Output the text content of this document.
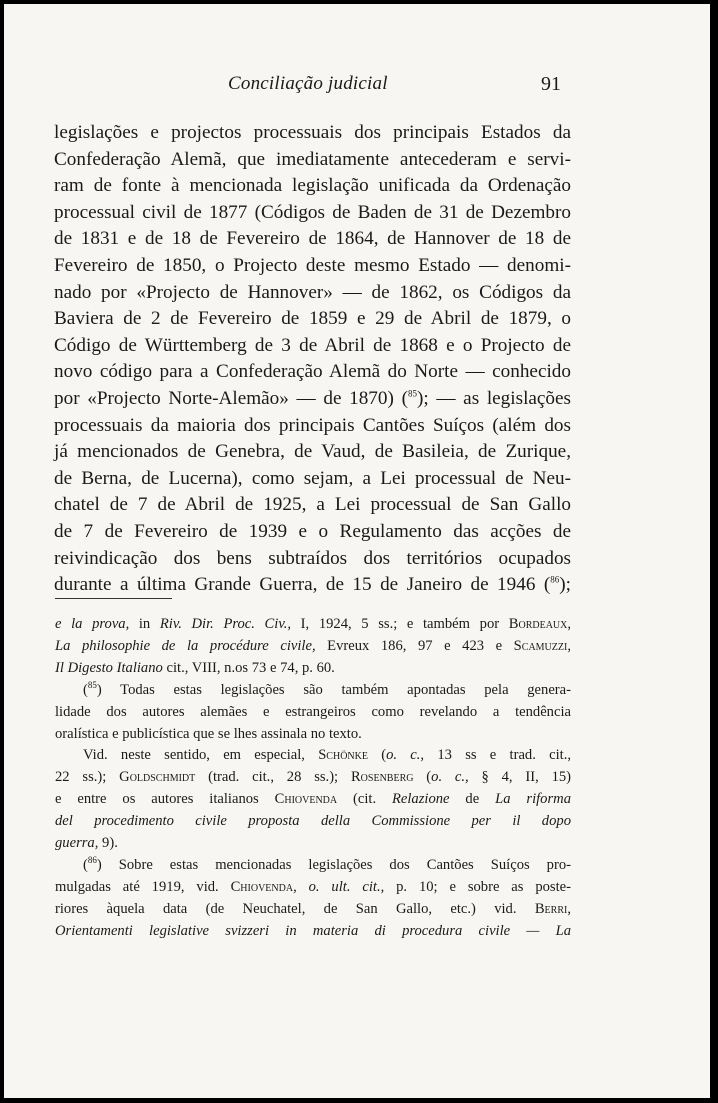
Conciliação judicial	91
legislações e projectos processuais dos principais Estados da
Confederação Alemã, que imediatamente antecederam e servi-
ram de fonte à mencionada legislação unificada da Ordenação
processual civil de 1877 (Códigos de Baden de 31 de Dezembro
de 1831 e de 18 de Fevereiro de 1864, de Hannover de 18 de
Fevereiro de 1850, o Projecto deste mesmo Estado — denomi-
nado por «Projecto de Hannover» — de 1862, os Códigos da
Baviera de 2 de Fevereiro de 1859 e 29 de Abril de 1879, o
Código de Württemberg de 3 de Abril de 1868 e o Projecto de
novo código para a Confederação Alemã do Norte — conhecido
por «Projecto Norte-Alemão» — de 1870) ($^{85}$); — as legislações
processuais da maioria dos principais Cantões Suíços (além dos
já mencionados de Genebra, de Vaud, de Basileia, de Zurique,
de Berna, de Lucerna), como sejam, a Lei processual de Neu-
chatel de 7 de Abril de 1925, a Lei processual de San Gallo
de 7 de Fevereiro de 1939 e o Regulamento das acções de
reivindicação dos bens subtraídos dos territórios ocupados
durante a última Grande Guerra, de 15 de Janeiro de 1946 ($^{86}$);
e la prova, in Riv. Dir. Proc. Civ., I, 1924, 5 ss.; e também por Bordeaux,
La philosophie de la procédure civile, Evreux 186, 97 e 423 e Scamuzzi,
Il Digesto Italiano cit., VIII, n.os 73 e 74, p. 60.
($^{85}$) Todas estas legislações são também apontadas pela genera-
lidade dos autores alemães e estrangeiros como revelando a tendência
oralística e publicística que se lhes assinala no texto.
Vid. neste sentido, em especial, Schönke (o. c., 13 ss e trad. cit.,
22 ss.); Goldschmidt (trad. cit., 28 ss.); Rosenberg (o. c., § 4, II, 15)
e entre os autores italianos Chiovenda (cit. Relazione de La riforma
del procedimento civile proposta della Commissione per il dopo
guerra, 9).
($^{86}$) Sobre estas mencionadas legislações dos Cantões Suíços pro-
mulgadas até 1919, vid. Chiovenda, o. ult. cit., p. 10; e sobre as poste-
riores àquela data (de Neuchatel, de San Gallo, etc.) vid. Berri,
Orientamenti legislative svizzeri in materia di procedura civile — La
